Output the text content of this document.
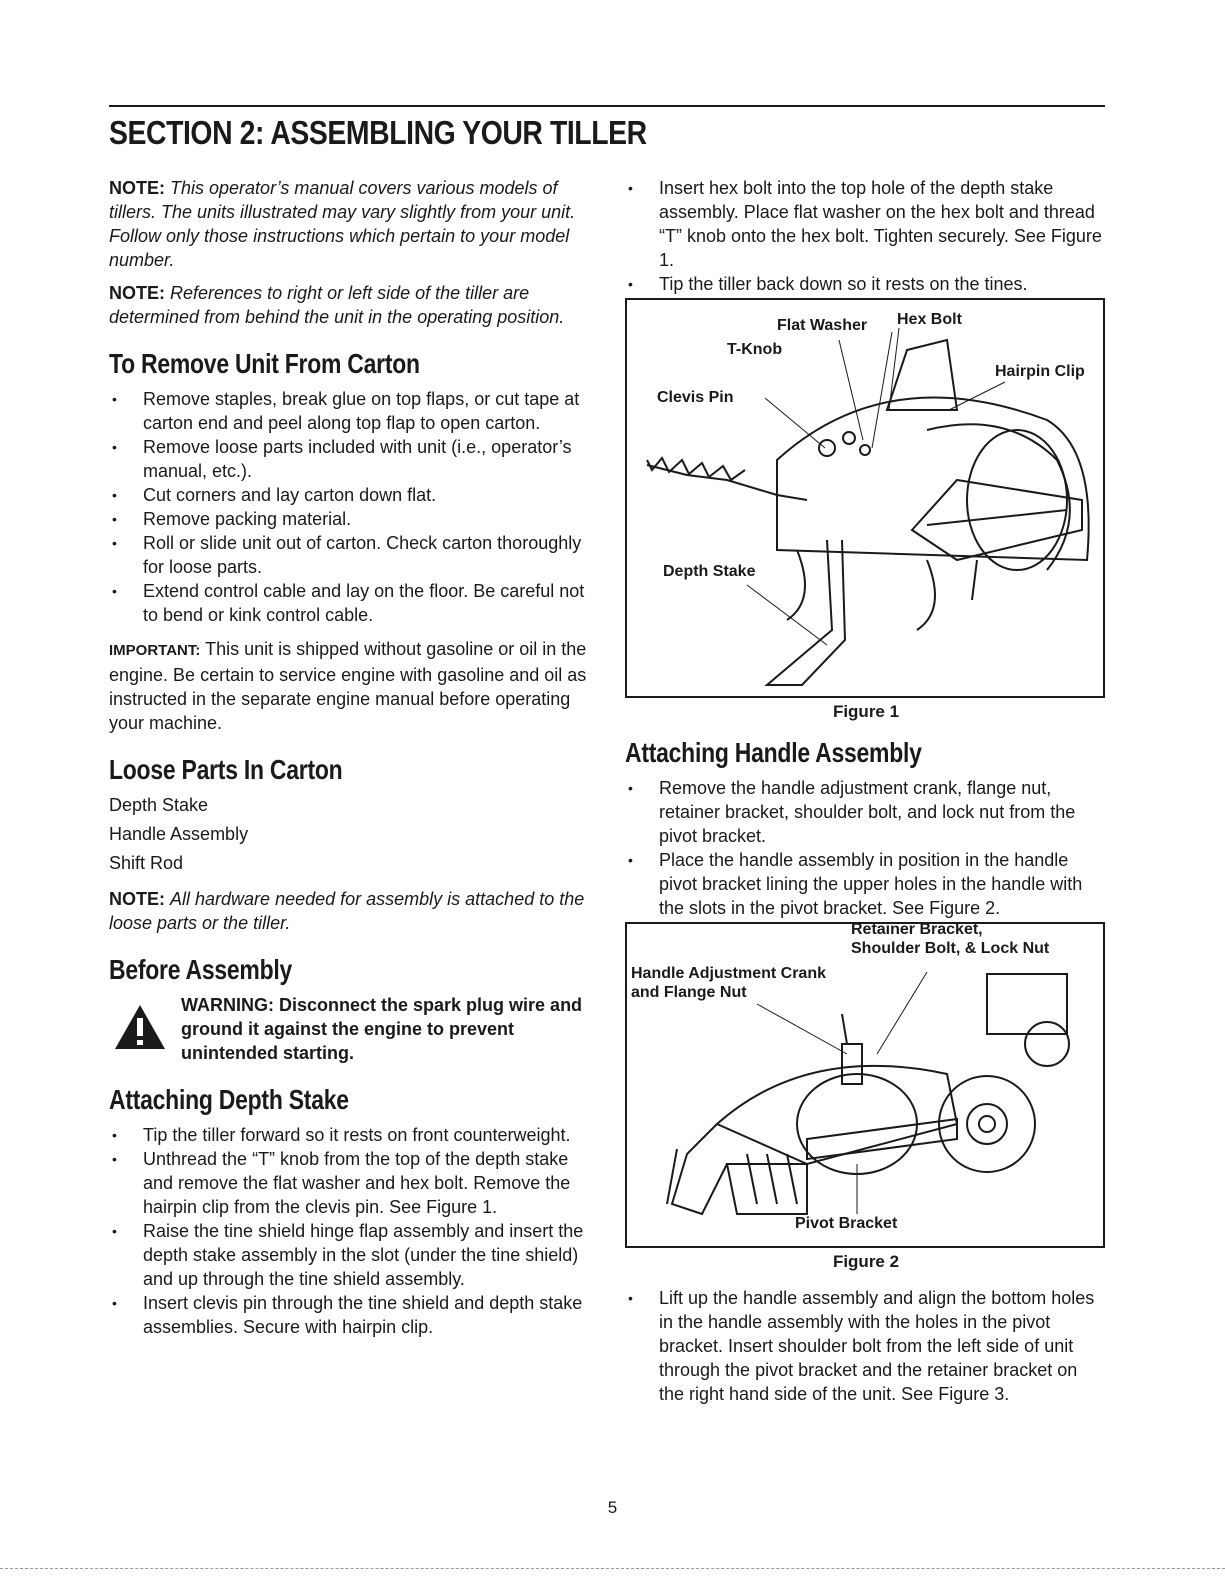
SECTION 2: ASSEMBLING YOUR TILLER

NOTE: This operator’s manual covers various models of tillers. The units illustrated may vary slightly from your unit. Follow only those instructions which pertain to your model number.

NOTE: References to right or left side of the tiller are determined from behind the unit in the operating position.

To Remove Unit From Carton
• Remove staples, break glue on top flaps, or cut tape at carton end and peel along top flap to open carton.
• Remove loose parts included with unit (i.e., operator’s manual, etc.).
• Cut corners and lay carton down flat.
• Remove packing material.
• Roll or slide unit out of carton. Check carton thoroughly for loose parts.
• Extend control cable and lay on the floor. Be careful not to bend or kink control cable.

IMPORTANT: This unit is shipped without gasoline or oil in the engine. Be certain to service engine with gasoline and oil as instructed in the separate engine manual before operating your machine.

Loose Parts In Carton
Depth Stake
Handle Assembly
Shift Rod

NOTE: All hardware needed for assembly is attached to the loose parts or the tiller.

Before Assembly
WARNING: Disconnect the spark plug wire and ground it against the engine to prevent unintended starting.
Attaching Depth Stake
• Tip the tiller forward so it rests on front counterweight.
• Unthread the “T” knob from the top of the depth stake and remove the flat washer and hex bolt. Remove the hairpin clip from the clevis pin. See Figure 1.
• Raise the tine shield hinge flap assembly and insert the depth stake assembly in the slot (under the tine shield) and up through the tine shield assembly.
• Insert clevis pin through the tine shield and depth stake assemblies. Secure with hairpin clip.
• Insert hex bolt into the top hole of the depth stake assembly. Place flat washer on the hex bolt and thread “T” knob onto the hex bolt. Tighten securely. See Figure 1.
• Tip the tiller back down so it rests on the tines.
Flat Washer Hex Bolt
T-Knob
Hairpin Clip
Clevis Pin
Depth Stake
Figure 1
Attaching Handle Assembly
• Remove the handle adjustment crank, flange nut, retainer bracket, shoulder bolt, and lock nut from the pivot bracket.
• Place the handle assembly in position in the handle pivot bracket lining the upper holes in the handle with the slots in the pivot bracket. See Figure 2.
Retainer Bracket,
Shoulder Bolt, & Lock Nut
Handle Adjustment Crank
and Flange Nut
Pivot Bracket
Figure 2
• Lift up the handle assembly and align the bottom holes in the handle assembly with the holes in the pivot bracket. Insert shoulder bolt from the left side of unit through the pivot bracket and the retainer bracket on the right hand side of the unit. See Figure 3.
5
